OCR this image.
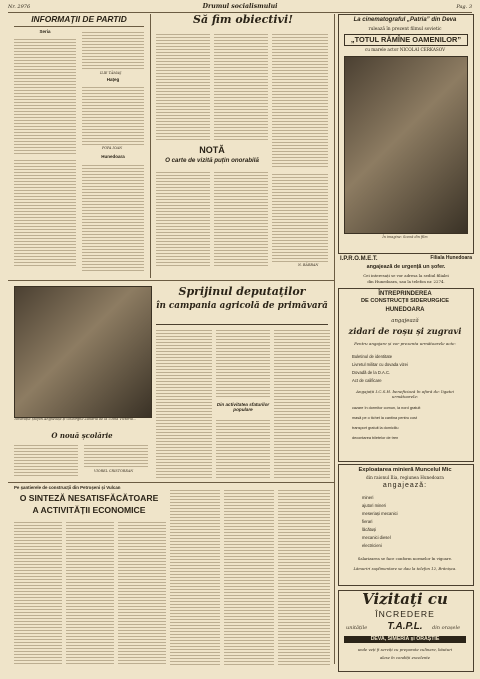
Nr. 2976	Drumul socialismului	Pag. 3
INFORMAŢII DE PARTID
Seria
Hunedoara
ILIE TĂMAŞ
Hațeg
POPA IOAN
Să fim obiectivi!
NOTĂ
O carte de vizită puțin onorabilă
N. BĂRBAN
Tovarășul Ștefan Angheluța și Gheorghe Zaharia de la Uzina Victoria...
O nouă școlărie
VIOREL CRISTOREAN
Sprijinul deputaților
în campania agricolă de primăvară
Din activitatea sfaturilor populare
Pe șantierele de construcții din Petroșeni și Vulcan
O SINTEZĂ NESATISFĂCĂTOARE
A ACTIVITĂȚII ECONOMICE
La cinematograful „Patria” din Deva
rulează în prezent filmul sovietic
„TOTUL RĂMÎNE OAMENILOR”
cu marele actor NICOLAI CERKASOV
În imagine: Scenă din film
I.P.R.O.M.E.T.	Filiala Hunedoara
angajează de urgență un șofer.
Cei interesați se vor adresa la sediul filialei
din Hunedoara, sau la telefon nr. 2274.
ÎNTREPRINDEREA
DE CONSTRUCȚII SIDERURGICE
HUNEDOARA
angajează
zidari de roșu și zugravi
Pentru angajare și vor prezenta următoarele acte:
Buletinul de identitate
Livretul militar cu dovada vizei
Dovadă de la D.A.C.
Act de calificare
Angajații I.C.S.H. beneficiază în afară de: ligatei următoarele:
cazare în dormitor comun, la nord gratuit
masă pe o tichet la cantina pentru cost
transport gratuit la domiciliu
decontarea biletelor de tren
Exploatarea minieră Muncelul Mic
din raionul Ilia, regiunea Hunedoara
angajează:
mineri
ajutori mineri
meseriași mecanici
fierari
lăcătuși
mecanici diesel
electricieni
Salarizarea se face conform normelor în vigoare.
Lămuriri suplimentare se dau la telefon 12, Brănișca.
Vizitați cu
ÎNCREDERE
unitățile	T.A.P.L.	din orașele
DEVA, SIMERIA și ORĂȘTIE
unde veți fi serviți cu preparate culinare, băuturi
alese în condiții excelente
